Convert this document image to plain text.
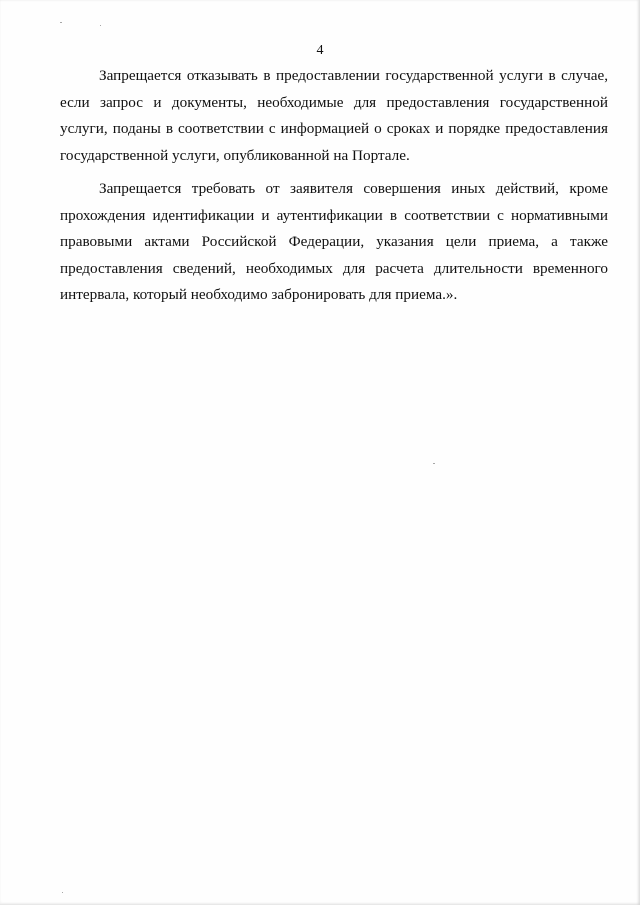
4

Запрещается отказывать в предоставлении государственной услуги в случае, если запрос и документы, необходимые для предоставления государственной услуги, поданы в соответствии с информацией о сроках и порядке предоставления государственной услуги, опубликованной на Портале.

Запрещается требовать от заявителя совершения иных действий, кроме прохождения идентификации и аутентификации в соответствии с нормативными правовыми актами Российской Федерации, указания цели приема, а также предоставления сведений, необходимых для расчета длительности временного интервала, который необходимо забронировать для приема.».
